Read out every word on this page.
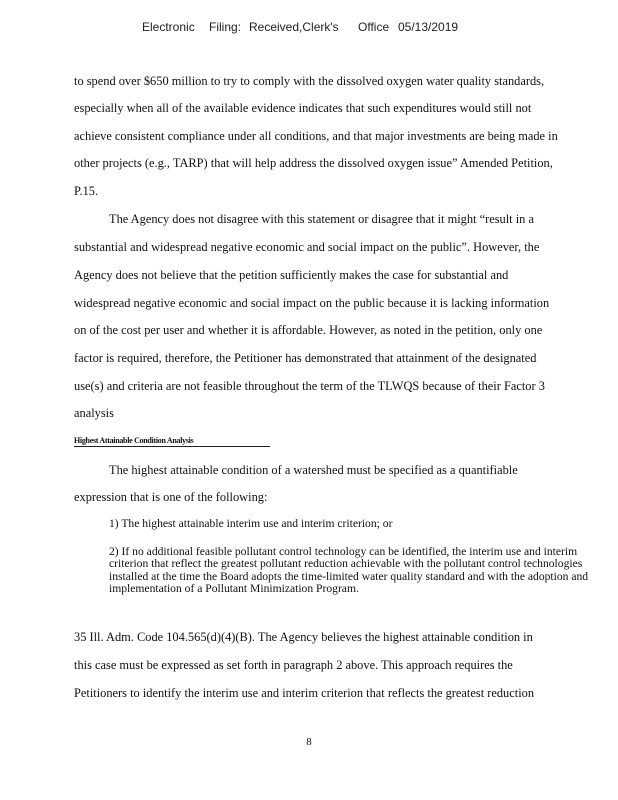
Electronic Filing: Received,Clerk's Office 05/13/2019
to spend over $650 million to try to comply with the dissolved oxygen water quality standards,
especially when all of the available evidence indicates that such expenditures would still not
achieve consistent compliance under all conditions, and that major investments are being made in
other projects (e.g., TARP) that will help address the dissolved oxygen issue” Amended Petition,
P.15.
The Agency does not disagree with this statement or disagree that it might “result in a
substantial and widespread negative economic and social impact on the public”. However, the
Agency does not believe that the petition sufficiently makes the case for substantial and
widespread negative economic and social impact on the public because it is lacking information
on of the cost per user and whether it is affordable. However, as noted in the petition, only one
factor is required, therefore, the Petitioner has demonstrated that attainment of the designated
use(s) and criteria are not feasible throughout the term of the TLWQS because of their Factor 3
analysis
Highest Attainable Condition Analysis
The highest attainable condition of a watershed must be specified as a quantifiable
expression that is one of the following:
1) The highest attainable interim use and interim criterion; or
2) If no additional feasible pollutant control technology can be identified, the interim use and interim criterion that reflect the greatest pollutant reduction achievable with the pollutant control technologies installed at the time the Board adopts the time-limited water quality standard and with the adoption and implementation of a Pollutant Minimization Program.
35 Ill. Adm. Code 104.565(d)(4)(B). The Agency believes the highest attainable condition in
this case must be expressed as set forth in paragraph 2 above. This approach requires the
Petitioners to identify the interim use and interim criterion that reflects the greatest reduction
8
